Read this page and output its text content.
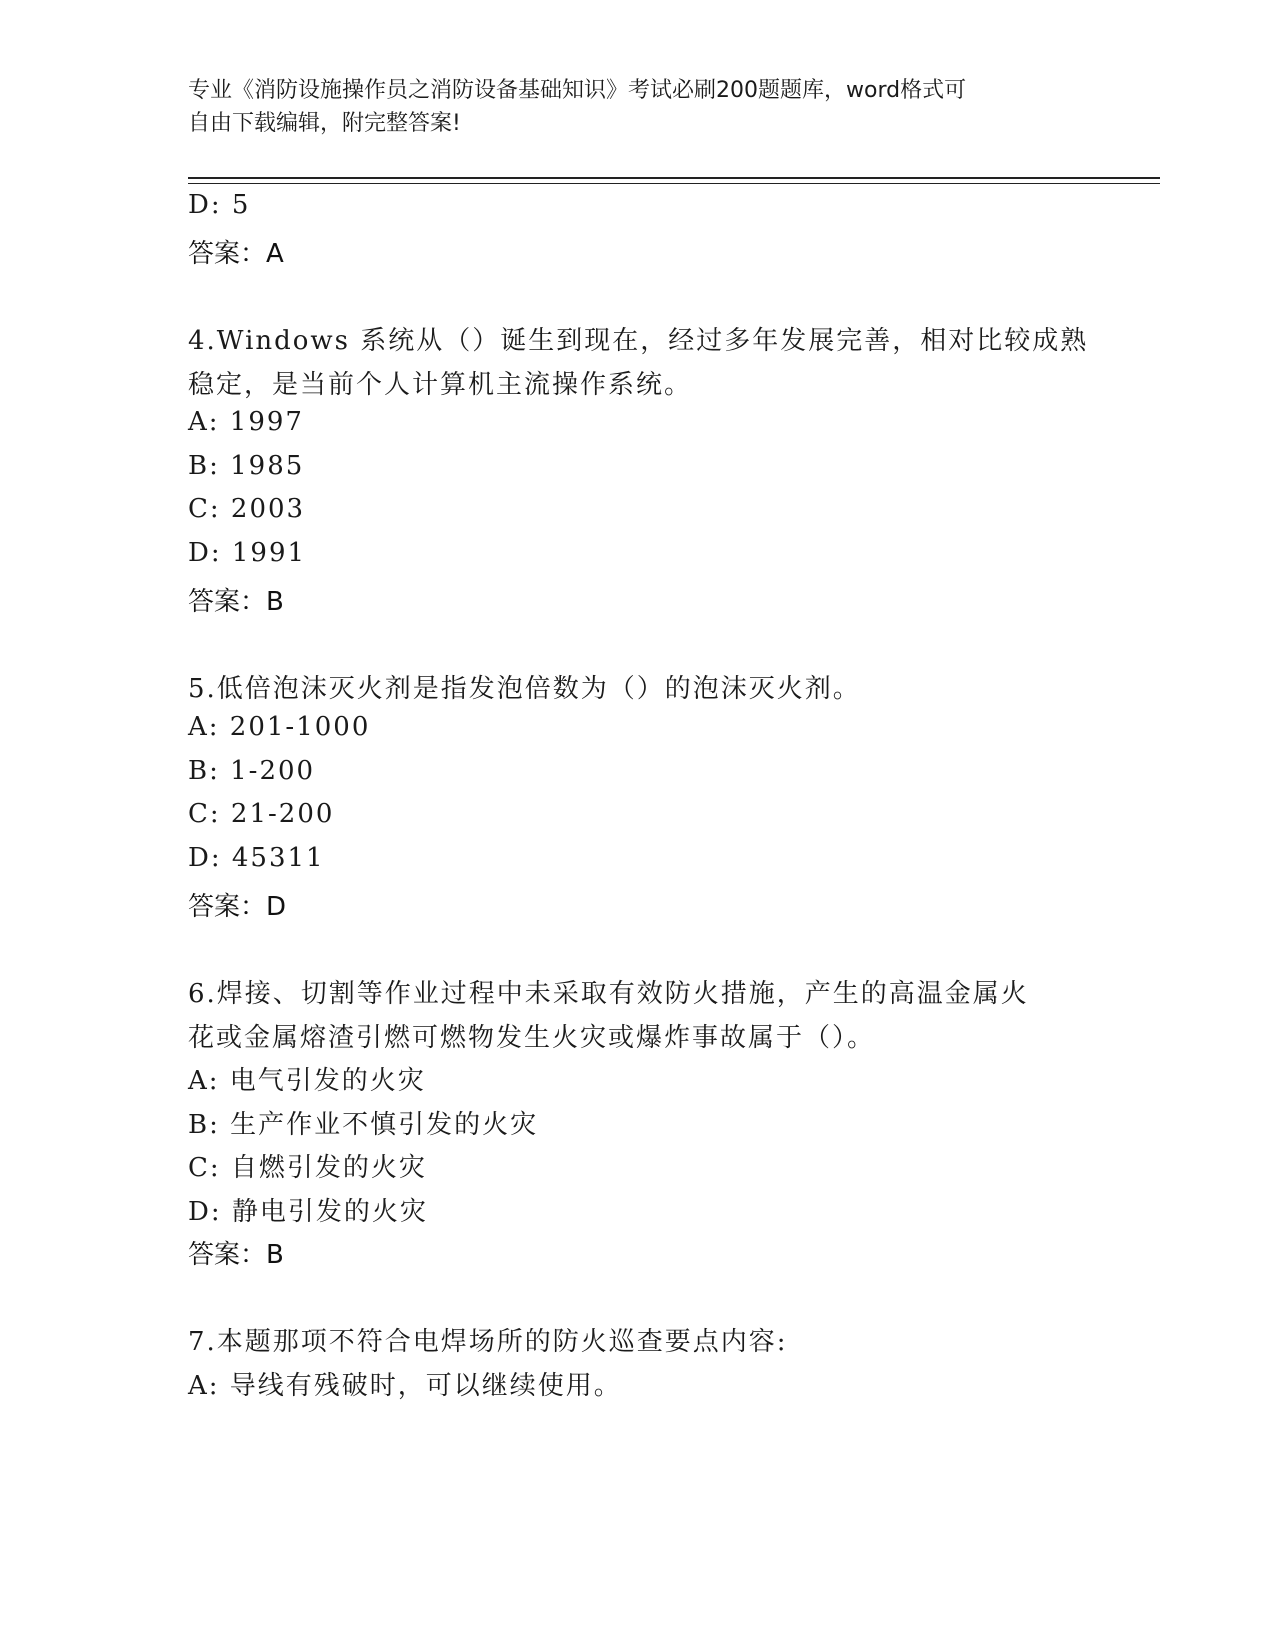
专业《消防设施操作员之消防设备基础知识》考试必刷200题题库，word格式可
自由下载编辑，附完整答案!
D: 5
答案：A
4.Windows 系统从（）诞生到现在，经过多年发展完善，相对比较成熟
稳定，是当前个人计算机主流操作系统。
A: 1997
B: 1985
C: 2003
D: 1991
答案：B
5.低倍泡沫灭火剂是指发泡倍数为（）的泡沫灭火剂。
A: 201-1000
B: 1-200
C: 21-200
D: 45311
答案：D
6.焊接、切割等作业过程中未采取有效防火措施，产生的高温金属火
花或金属熔渣引燃可燃物发生火灾或爆炸事故属于（）。
A: 电气引发的火灾
B: 生产作业不慎引发的火灾
C: 自燃引发的火灾
D: 静电引发的火灾
答案：B
7.本题那项不符合电焊场所的防火巡查要点内容:
A: 导线有残破时，可以继续使用。
